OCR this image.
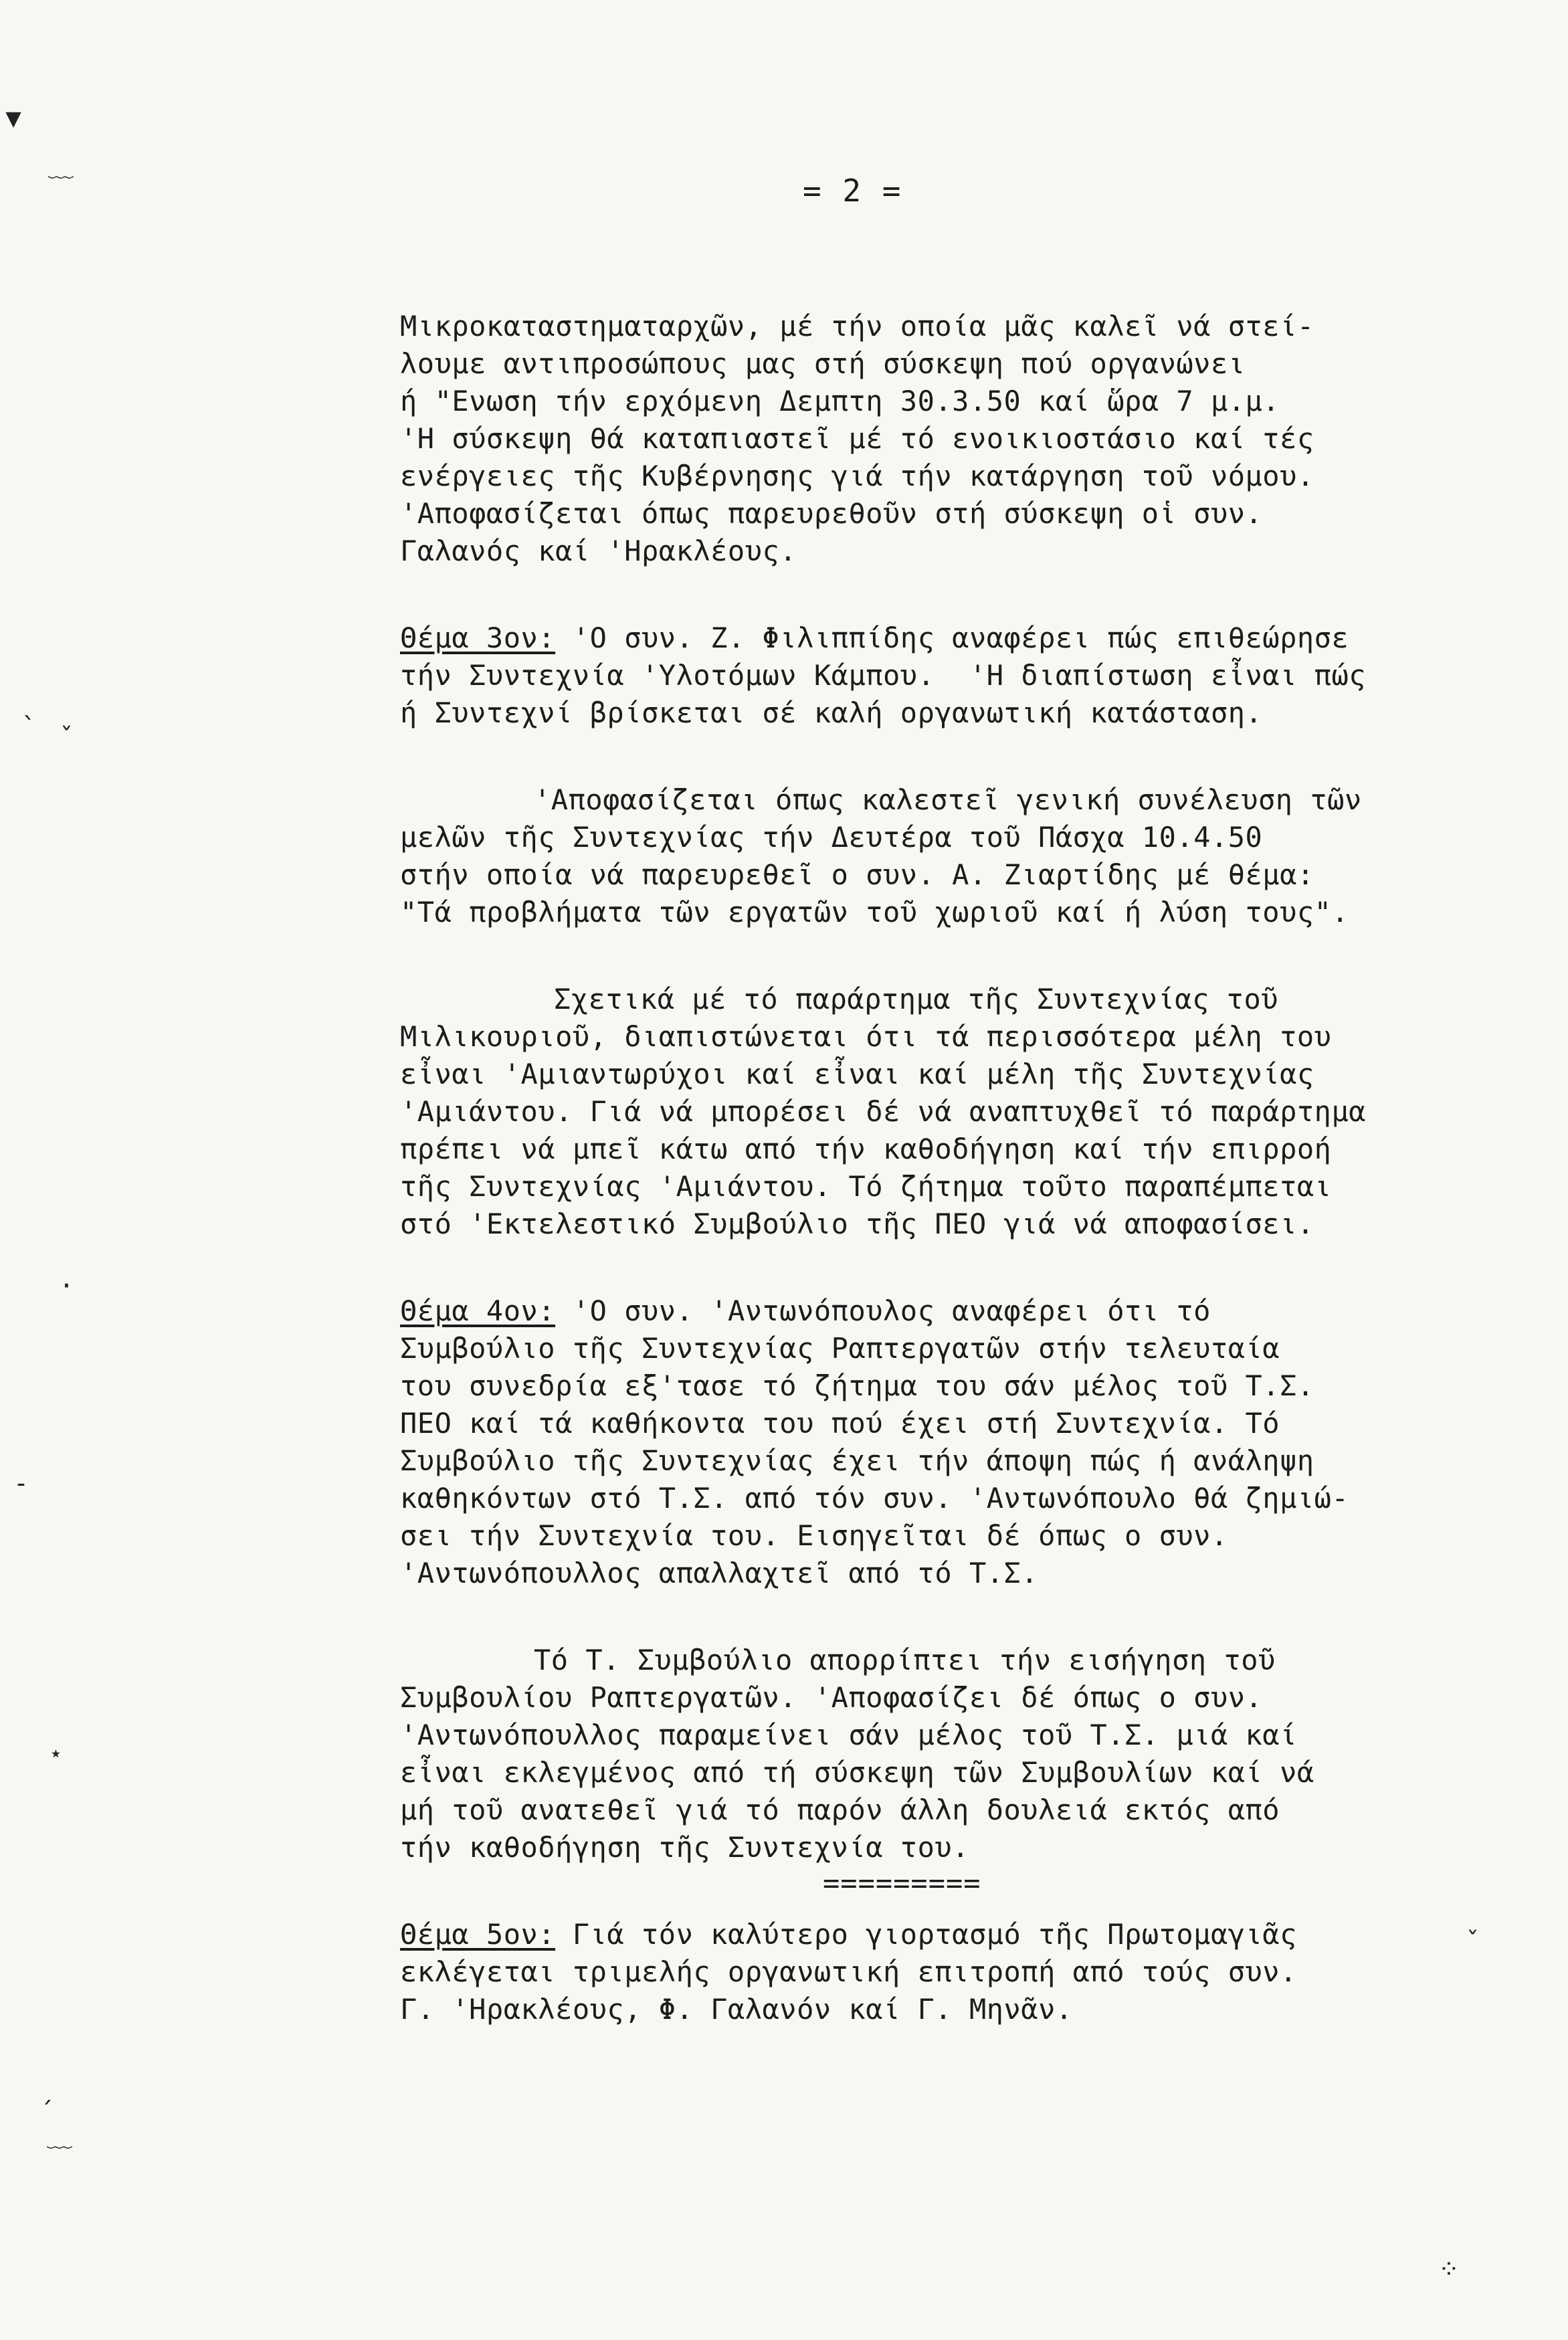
= 2 =
▾
﹏
ˎ
ˇ
·
-
⋆
ˏ
﹏
ˇ
⁘
Μικροκαταστηματαρχῶν, μέ τήν οποία μᾶς καλεῖ νά στεί-
λουμε αντιπροσώπους μας στή σύσκεψη πού οργανώνει
ή "Ενωση τήν ερχόμενη Δεμπτη 30.3.50 καί ὥρα 7 μ.μ.
'Η σύσκεψη θά καταπιαστεῖ μέ τό ενοικιοστάσιο καί τές
ενέργειες τῆς Κυβέρνησης γιά τήν κατάργηση τοῦ νόμου.
'Αποφασίζεται όπως παρευρεθοῦν στή σύσκεψη οἱ συν.
Γαλανός καί 'Ηρακλέους.
Θέμα 3ον: 'Ο συν. Ζ. Φιλιππίδης αναφέρει πώς επιθεώρησε
τήν Συντεχνία 'Υλοτόμων Κάμπου.  'Η διαπίστωση εἶναι πώς
ή Συντεχνί βρίσκεται σέ καλή οργανωτική κατάσταση.
'Αποφασίζεται όπως καλεστεῖ γενική συνέλευση τῶν
μελῶν τῆς Συντεχνίας τήν Δευτέρα τοῦ Πάσχα 10.4.50
στήν οποία νά παρευρεθεῖ ο συν. Α. Ζιαρτίδης μέ θέμα:
"Τά προβλήματα τῶν εργατῶν τοῦ χωριοῦ καί ή λύση τους".
Σχετικά μέ τό παράρτημα τῆς Συντεχνίας τοῦ
Μιλικουριοῦ, διαπιστώνεται ότι τά περισσότερα μέλη του
εἶναι 'Αμιαντωρύχοι καί εἶναι καί μέλη τῆς Συντεχνίας
'Αμιάντου. Γιά νά μπορέσει δέ νά αναπτυχθεῖ τό παράρτημα
πρέπει νά μπεῖ κάτω από τήν καθοδήγηση καί τήν επιρροή
τῆς Συντεχνίας 'Αμιάντου. Τό ζήτημα τοῦτο παραπέμπεται
στό 'Εκτελεστικό Συμβούλιο τῆς ΠΕΟ γιά νά αποφασίσει.
Θέμα 4ον: 'Ο συν. 'Αντωνόπουλος αναφέρει ότι τό
Συμβούλιο τῆς Συντεχνίας Ραπτεργατῶν στήν τελευταία
του συνεδρία εξ'τασε τό ζήτημα του σάν μέλος τοῦ Τ.Σ.
ΠΕΟ καί τά καθήκοντα του πού έχει στή Συντεχνία. Τό
Συμβούλιο τῆς Συντεχνίας έχει τήν άποψη πώς ή ανάληψη
καθηκόντων στό Τ.Σ. από τόν συν. 'Αντωνόπουλο θά ζημιώ-
σει τήν Συντεχνία του. Εισηγεῖται δέ όπως ο συν.
'Αντωνόπουλλος απαλλαχτεῖ από τό Τ.Σ.
Τό Τ. Συμβούλιο απορρίπτει τήν εισήγηση τοῦ
Συμβουλίου Ραπτεργατῶν. 'Αποφασίζει δέ όπως ο συν.
'Αντωνόπουλλος παραμείνει σάν μέλος τοῦ Τ.Σ. μιά καί
εἶναι εκλεγμένος από τή σύσκεψη τῶν Συμβουλίων καί νά
μή τοῦ ανατεθεῖ γιά τό παρόν άλλη δουλειά εκτός από
τήν καθοδήγηση τῆς Συντεχνία του.
Θέμα 5ον: Γιά τόν καλύτερο γιορτασμό τῆς Πρωτομαγιᾶς
εκλέγεται τριμελής οργανωτική επιτροπή από τούς συν.
Γ. 'Ηρακλέους, Φ. Γαλανόν καί Γ. Μηνᾶν.
=========
